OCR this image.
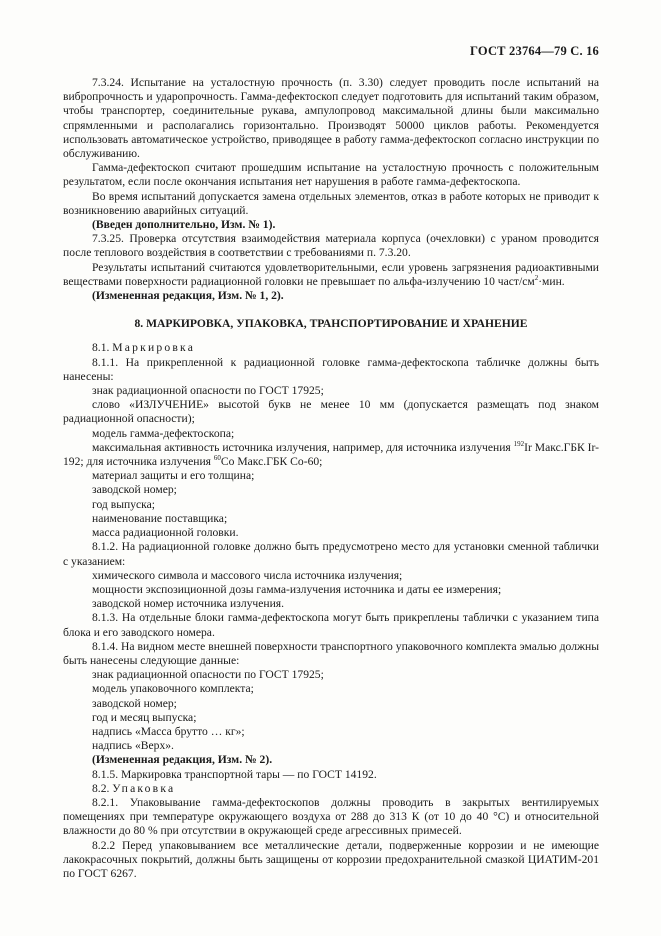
ГОСТ 23764—79 С. 16

7.3.24. Испытание на усталостную прочность (п. 3.30) следует проводить после испытаний на вибропрочность и ударопрочность. Гамма-дефектоскоп следует подготовить для испытаний таким образом, чтобы транспортер, соединительные рукава, ампулопровод максимальной длины были максимально спрямленными и располагались горизонтально. Производят 50000 циклов работы. Рекомендуется использовать автоматическое устройство, приводящее в работу гамма-дефектоскоп согласно инструкции по обслуживанию.

Гамма-дефектоскоп считают прошедшим испытание на усталостную прочность с положительным результатом, если после окончания испытания нет нарушения в работе гамма-дефектоскопа.

Во время испытаний допускается замена отдельных элементов, отказ в работе которых не приводит к возникновению аварийных ситуаций.

(Введен дополнительно, Изм. № 1).

7.3.25. Проверка отсутствия взаимодействия материала корпуса (очехловки) с ураном проводится после теплового воздействия в соответствии с требованиями п. 7.3.20.

Результаты испытаний считаются удовлетворительными, если уровень загрязнения радиоактивными веществами поверхности радиационной головки не превышает по альфа-излучению 10 част/$см^2\cdot мин$.

(Измененная редакция, Изм. № 1, 2).

8. МАРКИРОВКА, УПАКОВКА, ТРАНСПОРТИРОВАНИЕ И ХРАНЕНИЕ

8.1. Маркировка

8.1.1. На прикрепленной к радиационной головке гамма-дефектоскопа табличке должны быть нанесены:

знак радиационной опасности по ГОСТ 17925;

слово «ИЗЛУЧЕНИЕ» высотой букв не менее 10 мм (допускается размещать под знаком радиационной опасности);

модель гамма-дефектоскопа;

максимальная активность источника излучения, например, для источника излучения $^{192}$Ir Макс.ГБК Ir-192; для источника излучения $^{60}$Со Макс.ГБК Со-60;

материал защиты и его толщина;

заводской номер;

год выпуска;

наименование поставщика;

масса радиационной головки.

8.1.2. На радиационной головке должно быть предусмотрено место для установки сменной таблички с указанием:

химического символа и массового числа источника излучения;

мощности экспозиционной дозы гамма-излучения источника и даты ее измерения;

заводской номер источника излучения.

8.1.3. На отдельные блоки гамма-дефектоскопа могут быть прикреплены таблички с указанием типа блока и его заводского номера.

8.1.4. На видном месте внешней поверхности транспортного упаковочного комплекта эмалью должны быть нанесены следующие данные:

знак радиационной опасности по ГОСТ 17925;

модель упаковочного комплекта;

заводской номер;

год и месяц выпуска;

надпись «Масса брутто … кг»;

надпись «Верх».

(Измененная редакция, Изм. № 2).

8.1.5. Маркировка транспортной тары — по ГОСТ 14192.

8.2. Упаковка

8.2.1. Упаковывание гамма-дефектоскопов должны проводить в закрытых вентилируемых помещениях при температуре окружающего воздуха от 288 до 313 К (от 10 до 40 °С) и относительной влажности до 80 % при отсутствии в окружающей среде агрессивных примесей.

8.2.2 Перед упаковыванием все металлические детали, подверженные коррозии и не имеющие лакокрасочных покрытий, должны быть защищены от коррозии предохранительной смазкой ЦИАТИМ-201 по ГОСТ 6267.
